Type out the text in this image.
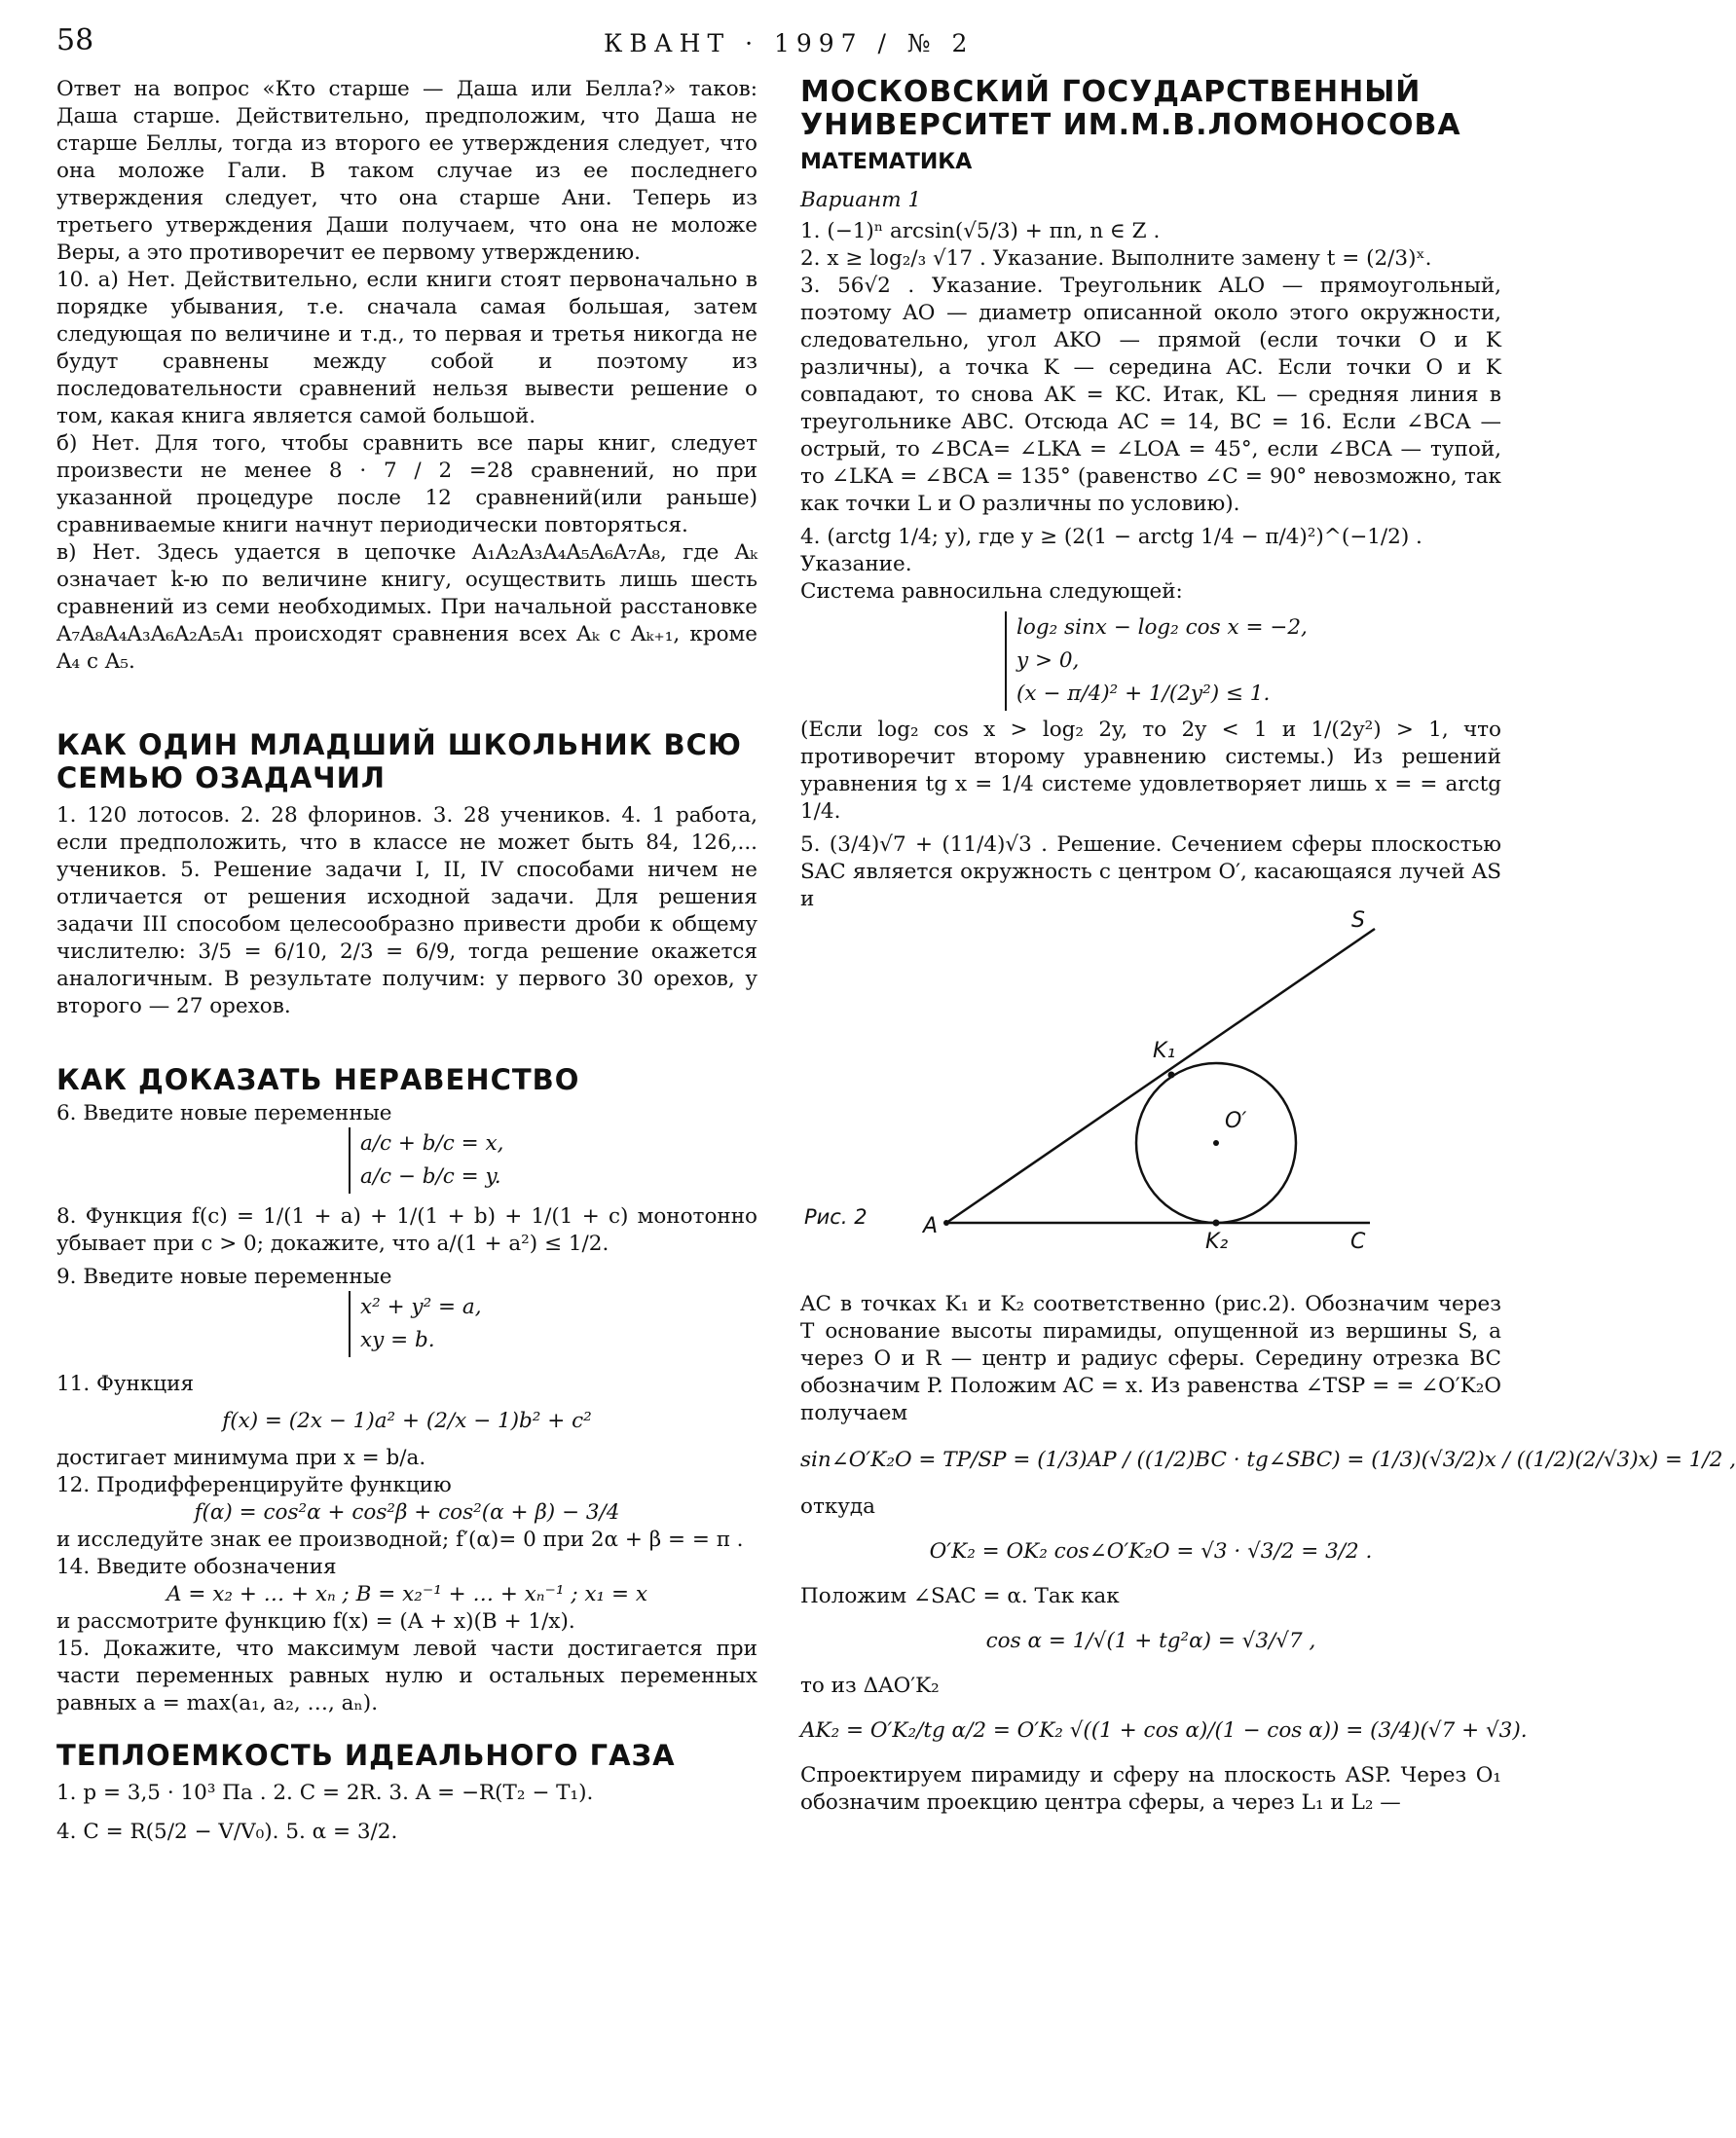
58	КВАНТ · 1997 / № 2

Ответ на вопрос «Кто старше — Даша или Белла?» таков: Даша старше. Действительно, предположим, что Даша не старше Беллы, тогда из второго ее утверждения следует, что она моложе Гали. В таком случае из ее последнего утверждения следует, что она старше Ани. Теперь из третьего утверждения Даши получаем, что она не моложе Веры, а это противоречит ее первому утверждению.

10. а) Нет. Действительно, если книги стоят первоначально в порядке убывания, т.е. сначала самая большая, затем следующая по величине и т.д., то первая и третья никогда не будут сравнены между собой и поэтому из последовательности сравнений нельзя вывести решение о том, какая книга является самой большой.

б) Нет. Для того, чтобы сравнить все пары книг, следует произвести не менее 8 · 7 / 2 =28 сравнений, но при указанной процедуре после 12 сравнений(или раньше) сравниваемые книги начнут периодически повторяться.

в) Нет. Здесь удается в цепочке A₁A₂A₃A₄A₅A₆A₇A₈, где Aₖ означает k-ю по величине книгу, осуществить лишь шесть сравнений из семи необходимых. При начальной расстановке A₇A₈A₄A₃A₆A₂A₅A₁ происходят сравнения всех Aₖ с Aₖ₊₁, кроме A₄ с A₅.

КАК ОДИН МЛАДШИЙ ШКОЛЬНИК ВСЮ СЕМЬЮ ОЗАДАЧИЛ

1. 120 лотосов. 2. 28 флоринов. 3. 28 учеников. 4. 1 работа, если предположить, что в классе не может быть 84, 126,... учеников. 5. Решение задачи I, II, IV способами ничем не отличается от решения исходной задачи. Для решения задачи III способом целесообразно привести дроби к общему числителю: 3/5 = 6/10, 2/3 = 6/9, тогда решение окажется аналогичным. В результате получим: у первого 30 орехов, у второго — 27 орехов.

КАК ДОКАЗАТЬ НЕРАВЕНСТВО

6. Введите новые переменные

a/c + b/c = x,
a/c − b/c = y.

8. Функция f(c) = 1/(1 + a) + 1/(1 + b) + 1/(1 + c) монотонно убывает при c > 0; докажите, что a/(1 + a²) ≤ 1/2.

9. Введите новые переменные

x² + y² = a,
xy = b.

11. Функция

f(x) = (2x − 1)a² + (2/x − 1)b² + c²

достигает минимума при x = b/a.

12. Продифференцируйте функцию

f(α) = cos²α + cos²β + cos²(α + β) − 3/4

и исследуйте знак ее производной; f′(α)= 0 при 2α + β = = π .

14. Введите обозначения

A = x₂ + … + xₙ ; B = x₂⁻¹ + … + xₙ⁻¹ ; x₁ = x

и рассмотрите функцию f(x) = (A + x)(B + 1/x).

15. Докажите, что максимум левой части достигается при части переменных равных нулю и остальных переменных равных a = max(a₁, a₂, …, aₙ).

ТЕПЛОЕМКОСТЬ ИДЕАЛЬНОГО ГАЗА

1. p = 3,5 · 10³ Па . 2. C = 2R. 3. A = −R(T₂ − T₁).

4. C = R(5/2 − V/V₀). 5. α = 3/2.

МОСКОВСКИЙ ГОСУДАРСТВЕННЫЙ УНИВЕРСИТЕТ ИМ.М.В.ЛОМОНОСОВА
МАТЕМАТИКА

Вариант 1

1. (−1)ⁿ arcsin(√5/3) + πn, n ∈ Z .

2. x ≥ log₂/₃ √17 . Указание. Выполните замену t = (2/3)ˣ.

3. 56√2 . Указание. Треугольник ALO — прямоугольный, поэтому AO — диаметр описанной около этого окружности, следовательно, угол AKO — прямой (если точки O и K различны), а точка K — середина AC. Если точки O и K совпадают, то снова AK = KC. Итак, KL — средняя линия в треугольнике ABC. Отсюда AC = 14, BC = 16. Если ∠BCA — острый, то ∠BCA= ∠LKA = ∠LOA = 45°, если ∠BCA — тупой, то ∠LKA = ∠BCA = 135° (равенство ∠C = 90° невозможно, так как точки L и O различны по условию).

4. (arctg 1/4; y), где y ≥ (2(1 − arctg 1/4 − π/4)²)^(−1/2) . Указание.

Система равносильна следующей:

log₂ sinx − log₂ cos x = −2,
y > 0,
(x − π/4)² + 1/(2y²) ≤ 1.

(Если log₂ cos x > log₂ 2y, то 2y < 1 и 1/(2y²) > 1, что противоречит второму уравнению системы.) Из решений уравнения tg x = 1/4 системе удовлетворяет лишь x = = arctg 1/4.

5. (3/4)√7 + (11/4)√3 . Решение. Сечением сферы плоскостью SAC является окружность с центром O′, касающаяся лучей AS и

S
K₁
O′
A
K₂	C
Рис. 2

AC в точках K₁ и K₂ соответственно (рис.2). Обозначим через T основание высоты пирамиды, опущенной из вершины S, а через O и R — центр и радиус сферы. Середину отрезка BC обозначим P. Положим AC = x. Из равенства ∠TSP = = ∠O′K₂O получаем

sin∠O′K₂O = TP/SP = (1/3)AP / ((1/2)BC · tg∠SBC) = (1/3)(√3/2)x / ((1/2)(2/√3)x) = 1/2 ,

откуда

O′K₂ = OK₂ cos∠O′K₂O = √3 · √3/2 = 3/2 .

Положим ∠SAC = α. Так как

cos α = 1/√(1 + tg²α) = √3/√7 ,

то из ΔAO′K₂

AK₂ = O′K₂/tg α/2 = O′K₂ √((1 + cos α)/(1 − cos α)) = (3/4)(√7 + √3).

Спроектируем пирамиду и сферу на плоскость ASP. Через O₁ обозначим проекцию центра сферы, а через L₁ и L₂ —
